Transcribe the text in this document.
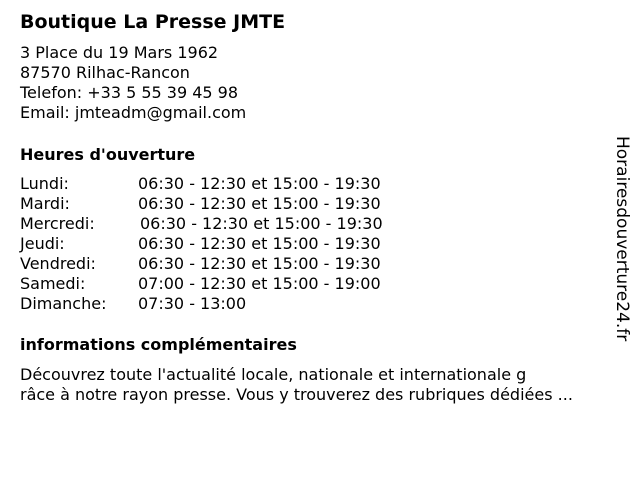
Boutique La Presse JMTE
3 Place du 19 Mars 1962
87570 Rilhac-Rancon
Telefon: +33 5 55 39 45 98
Email: jmteadm@gmail.com
Heures d'ouverture
Lundi:	06:30 - 12:30 et 15:00 - 19:30
Mardi:	06:30 - 12:30 et 15:00 - 19:30
Mercredi:	06:30 - 12:30 et 15:00 - 19:30
Jeudi:	06:30 - 12:30 et 15:00 - 19:30
Vendredi:	06:30 - 12:30 et 15:00 - 19:30
Samedi:	07:00 - 12:30 et 15:00 - 19:00
Dimanche:	07:30 - 13:00
informations complémentaires
Découvrez toute l'actualité locale, nationale et internationale g
râce à notre rayon presse. Vous y trouverez des rubriques dédiées ...
Horairesdouverture24.fr
